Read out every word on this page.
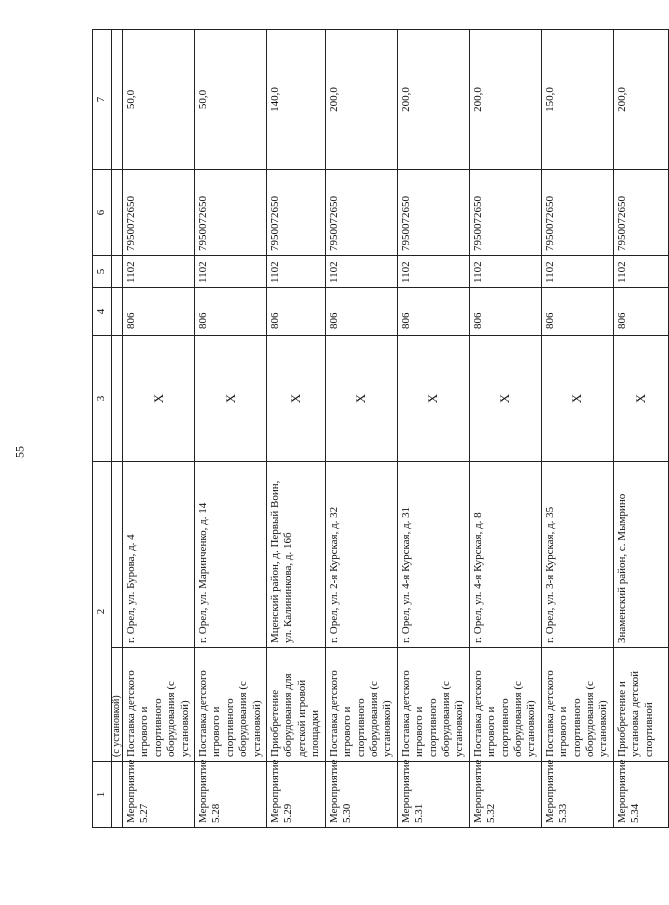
55
1	2		3	4	5	6	7
	(с установкой)						
Мероприятие 5.27	Поставка детского игрового и спортивного оборудования (с установкой)	г. Орел, ул. Бурова, д. 4	Х	806	1102	7950072650	50,0
Мероприятие 5.28	Поставка детского игрового и спортивного оборудования (с установкой)	г. Орел, ул. Маринченко, д. 14	Х	806	1102	7950072650	50,0
Мероприятие 5.29	Приобретение оборудования для детской игровой площадки	Мценский район, д. Первый Воин, ул. Калининкова, д. 16б	Х	806	1102	7950072650	140,0
Мероприятие 5.30	Поставка детского игрового и спортивного оборудования (с установкой)	г. Орел, ул. 2-я Курская, д. 32	Х	806	1102	7950072650	200,0
Мероприятие 5.31	Поставка детского игрового и спортивного оборудования (с установкой)	г. Орел, ул. 4-я Курская, д. 31	Х	806	1102	7950072650	200,0
Мероприятие 5.32	Поставка детского игрового и спортивного оборудования (с установкой)	г. Орел, ул. 4-я Курская, д. 8	Х	806	1102	7950072650	200,0
Мероприятие 5.33	Поставка детского игрового и спортивного оборудования (с установкой)	г. Орел, ул. 3-я Курская, д. 35	Х	806	1102	7950072650	150,0
Мероприятие 5.34	Приобретение и установка детской спортивной	Знаменский район, с. Мымрино	Х	806	1102	7950072650	200,0
